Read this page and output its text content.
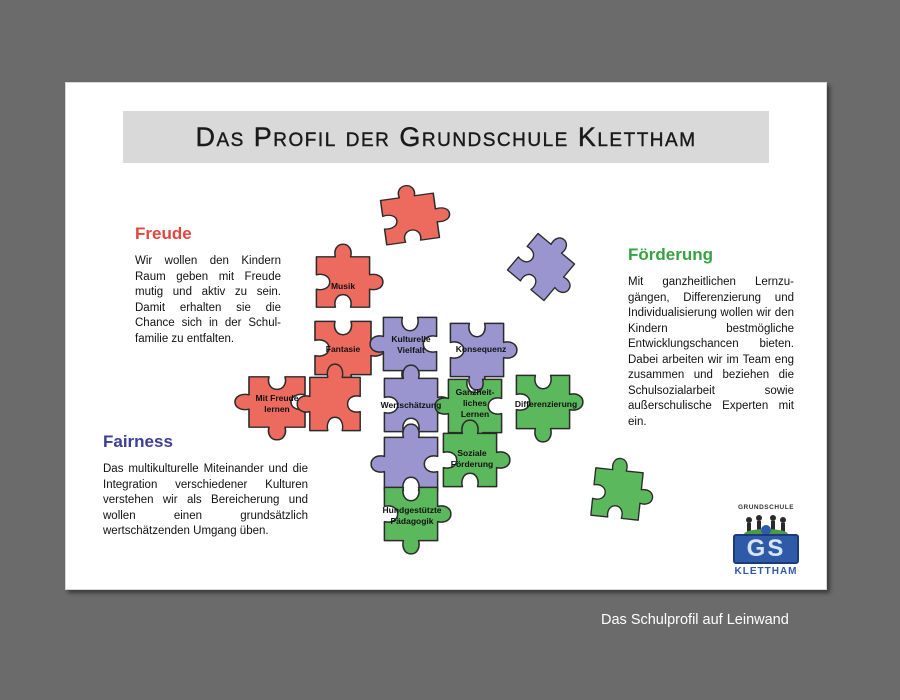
Das Profil der Grundschule Klettham
Freude

Wir wollen den Kindern Raum geben mit Freude mutig und aktiv zu sein. Damit erhalten sie die Chance sich in der Schulfamilie zu entfalten.

Fairness

Das multikulturelle Miteinander und die Integration verschiedener Kulturen verstehen wir als Bereicherung und wollen einen grundsätzlich wertschätzenden Umgang üben.

Förderung

Mit ganzheitlichen Lernzugängen, Differenzierung und Individualisierung wollen wir den Kindern bestmögliche Entwicklungschancen bieten. Dabei arbeiten wir im Team eng zusammen und beziehen die Schulsozialarbeit sowie außerschulische Experten mit ein.

Musik
Fantasie
Mit Freude
lernen
Kulturelle
Vielfalt	Konsequenz
Wertschätzung
Ganzheit-
liches
Lernen
Differenzierung
Soziale
Förderung
Hundgestützte
Pädagogik
GRUNDSCHULE
GS
KLETTHAM
Das Schulprofil auf Leinwand
